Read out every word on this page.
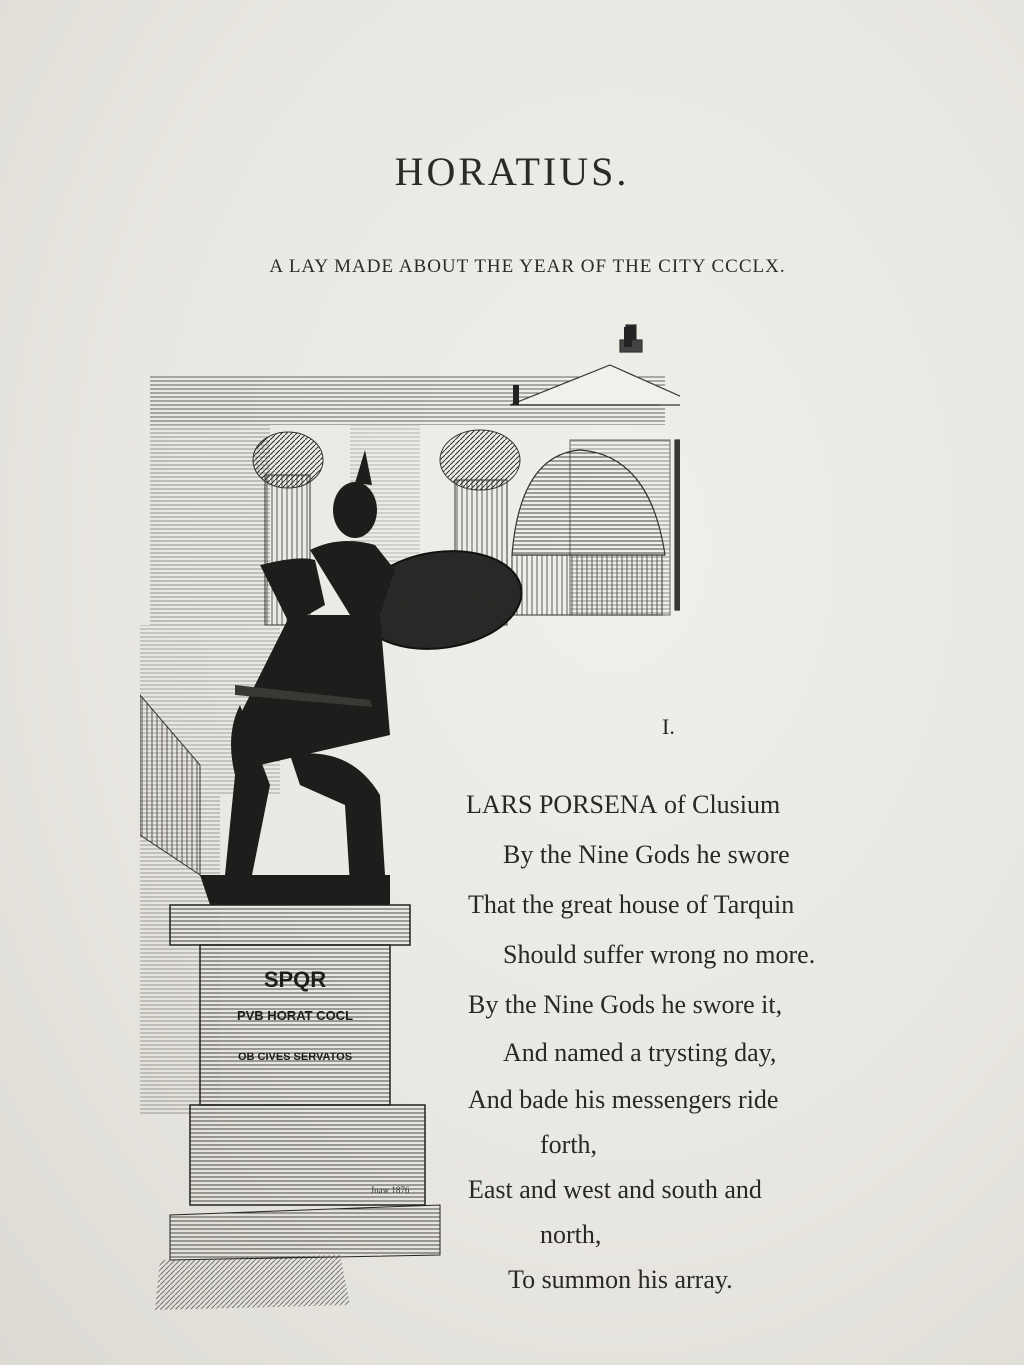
HORATIUS.
A LAY MADE ABOUT THE YEAR OF THE CITY CCCLX.
SPQR
PVB HORAT COCL
OB CIVES SERVATOS
Jnaw 1876
I.
LARS PORSENA of Clusium
By the Nine Gods he swore
That the great house of Tarquin
Should suffer wrong no more.
By the Nine Gods he swore it,
And named a trysting day,
And bade his messengers ride
forth,
East and west and south and
north,
To summon his array.
